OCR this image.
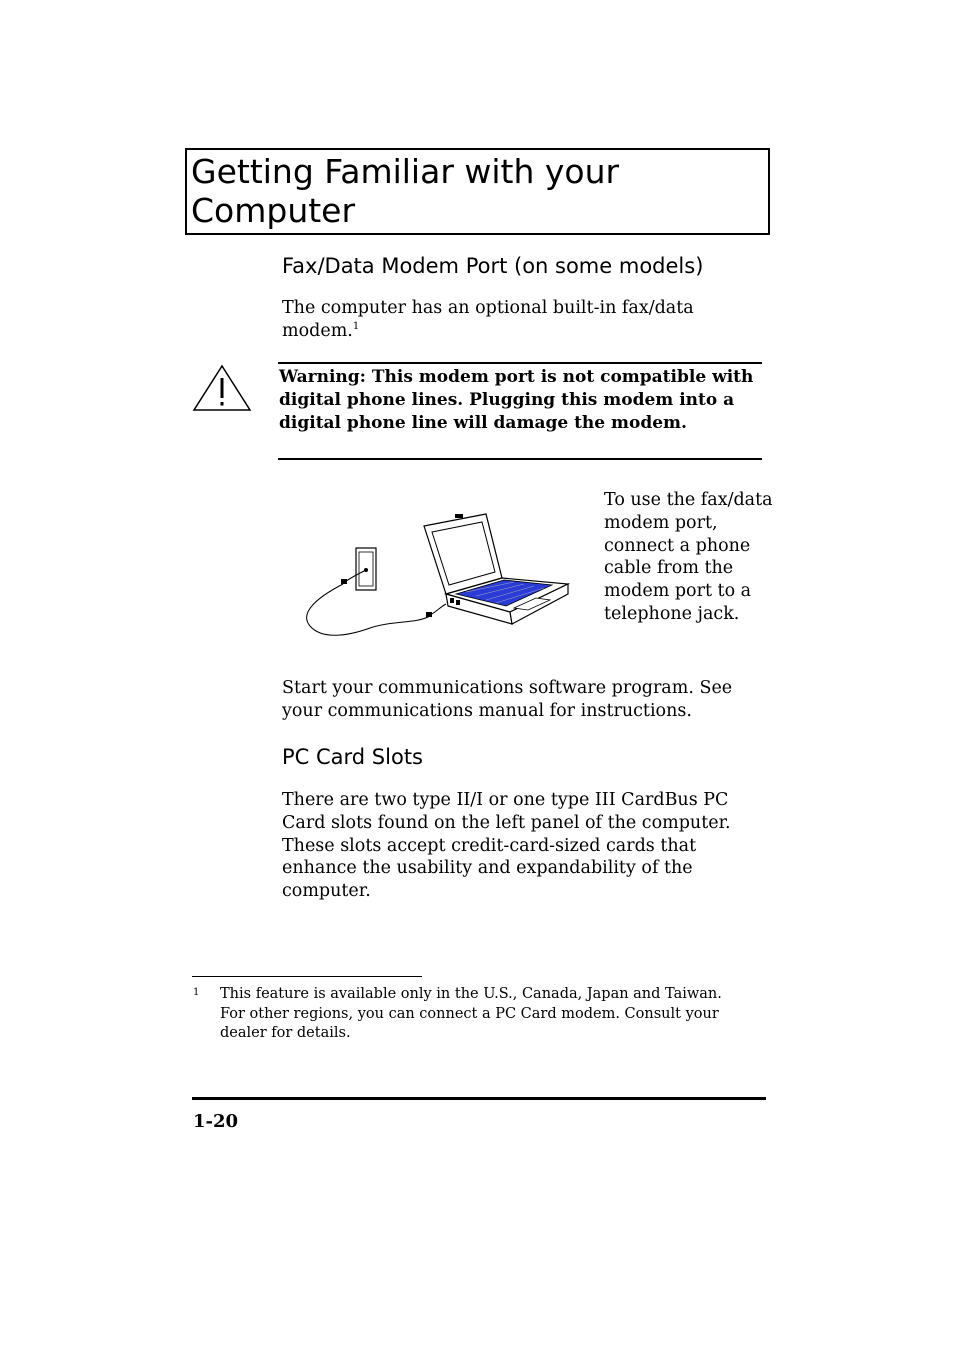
Getting Familiar with your Computer
Fax/Data Modem Port (on some models)
The computer has an optional built-in fax/data modem.$^1$
Warning: This modem port is not compatible with digital phone lines. Plugging this modem into a digital phone line will damage the modem.
To use the fax/data modem port, connect a phone cable from the modem port to a telephone jack.
Start your communications software program. See your communications manual for instructions.
PC Card Slots
There are two type II/I or one type III CardBus PC Card slots found on the left panel of the computer. These slots accept credit-card-sized cards that enhance the usability and expandability of the computer.
1 This feature is available only in the U.S., Canada, Japan and Taiwan. For other regions, you can connect a PC Card modem. Consult your dealer for details.
1-20
